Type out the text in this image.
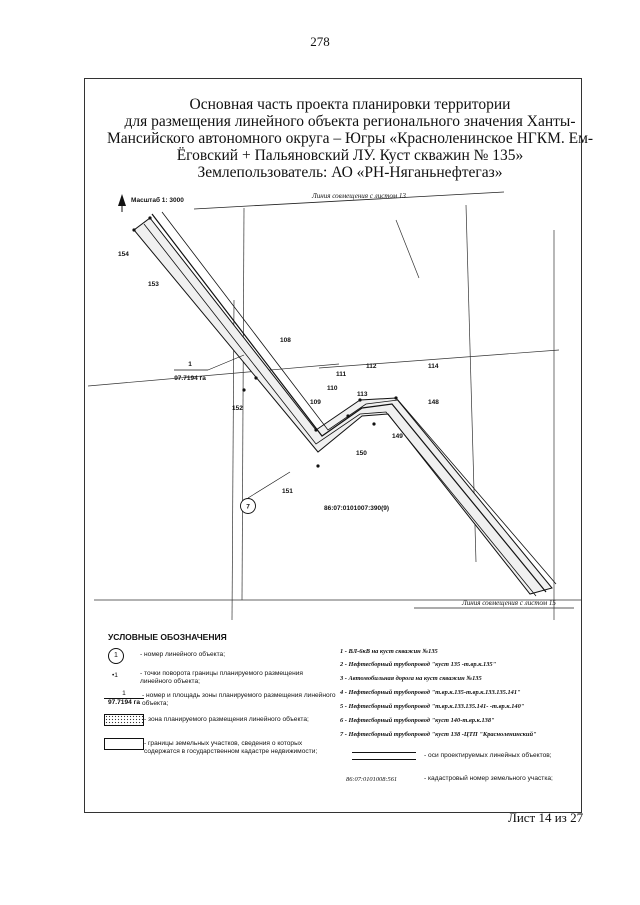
278
Основная часть проекта планировки территории
для размещения линейного объекта регионального значения Ханты-
Мансийского автономного округа – Югры «Красноленинское НГКМ. Ем-
Ёговский + Пальяновский ЛУ. Куст скважин № 135»
Землепользователь: АО «РН-Няганьнефтегаз»
Масштаб 1: 3000
Линия совмещения с листом 13
154
153
108
152
109
110
111
112
113
114
148
149
150
151
1
97.7194 га
7	86:07:0101007:390(9)
Линия совмещения с листом 15
УСЛОВНЫЕ ОБОЗНАЧЕНИЯ
1	- номер линейного объекта;
•1	- точки поворота границы планируемого размещения линейного объекта;
1
97.7194 га
- номер и площадь зоны планируемого размещения линейного объекта;
- зона планируемого размещения линейного объекта;
- границы земельных участков, сведения о которых содержатся в государственном кадастре недвижимости;
1 - ВЛ-6кВ на куст скважин №135
2 - Нефтесборный трубопровод "куст 135 -т.вр.к.135"
3 - Автомобильная дорога на куст скважин №135
4 - Нефтесборный трубопровод "т.вр.к.135-т.вр.к.133.135.141"
5 - Нефтесборный трубопровод "т.вр.к.133.135.141- -т.вр.к.140"
6 - Нефтесборный трубопровод "куст 140-т.вр.к.138"
7 - Нефтесборный трубопровод "куст 138 -ЦТП "Красноленинский"
- оси проектируемых линейных объектов;
86:07:0101008:561	- кадастровый номер земельного участка;
Лист 14 из 27
